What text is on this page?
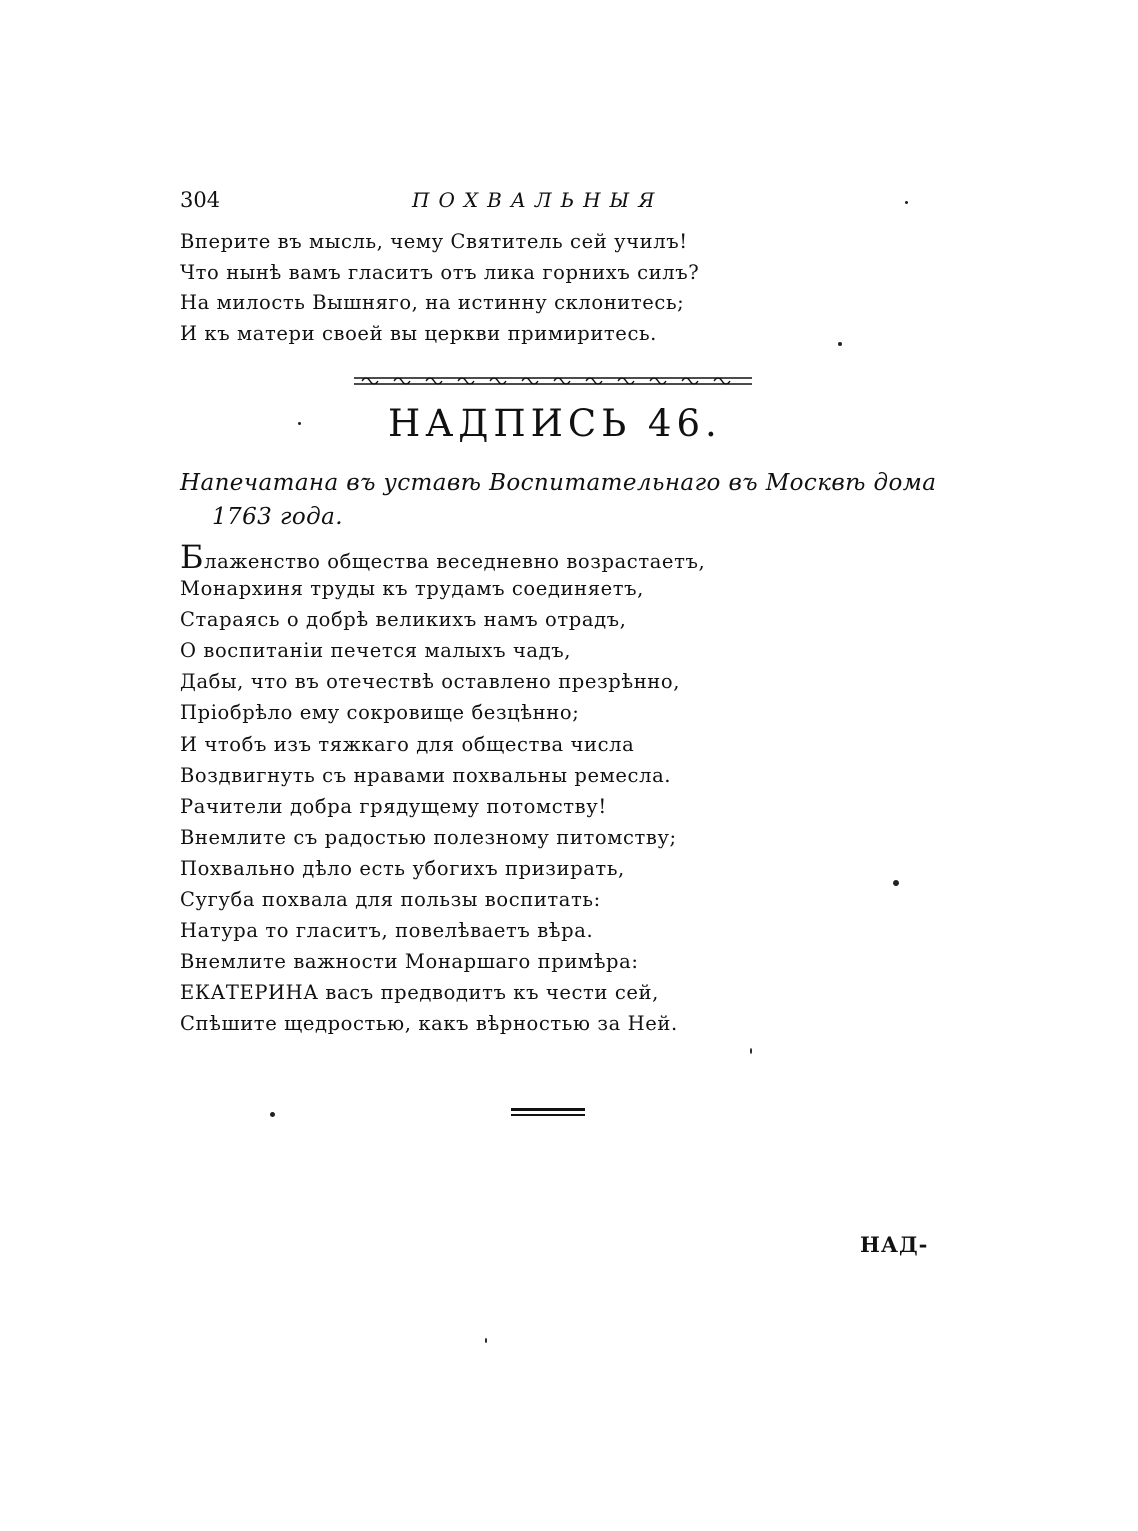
304	ПОХВАЛЬНЫЯ
Вперите въ мысль, чему Святитель сей училъ!
Что нынѣ вамъ гласитъ отъ лика горнихъ силъ?
На милость Вышняго, на истинну склонитесь;
И къ матери своей вы церкви примиритесь.
НАДПИСЬ 46.
Напечатана въ уставѣ Воспитательнаго въ Москвѣ дома
1763 года.
Блаженство общества веседневно возрастаетъ,
Монархиня труды къ трудамъ соединяетъ,
Стараясь о добрѣ великихъ намъ отрадъ,
О воспитанiи печется малыхъ чадъ,
Дабы, что въ отечествѣ оставлено презрѣнно,
Прiобрѣло ему сокровище безцѣнно;
И чтобъ изъ тяжкаго для общества числа
Воздвигнуть съ нравами похвальны ремесла.
Рачители добра грядущему потомству!
Внемлите съ радостью полезному питомству;
Похвально дѣло есть убогихъ призирать,
Сугуба похвала для пользы воспитать:
Натура то гласитъ, повелѣваетъ вѣра.
Внемлите важности Монаршаго примѣра:
ЕКАТЕРИНА васъ предводитъ къ чести сей,
Спѣшите щедростью, какъ вѣрностью за Ней.
НАД-
